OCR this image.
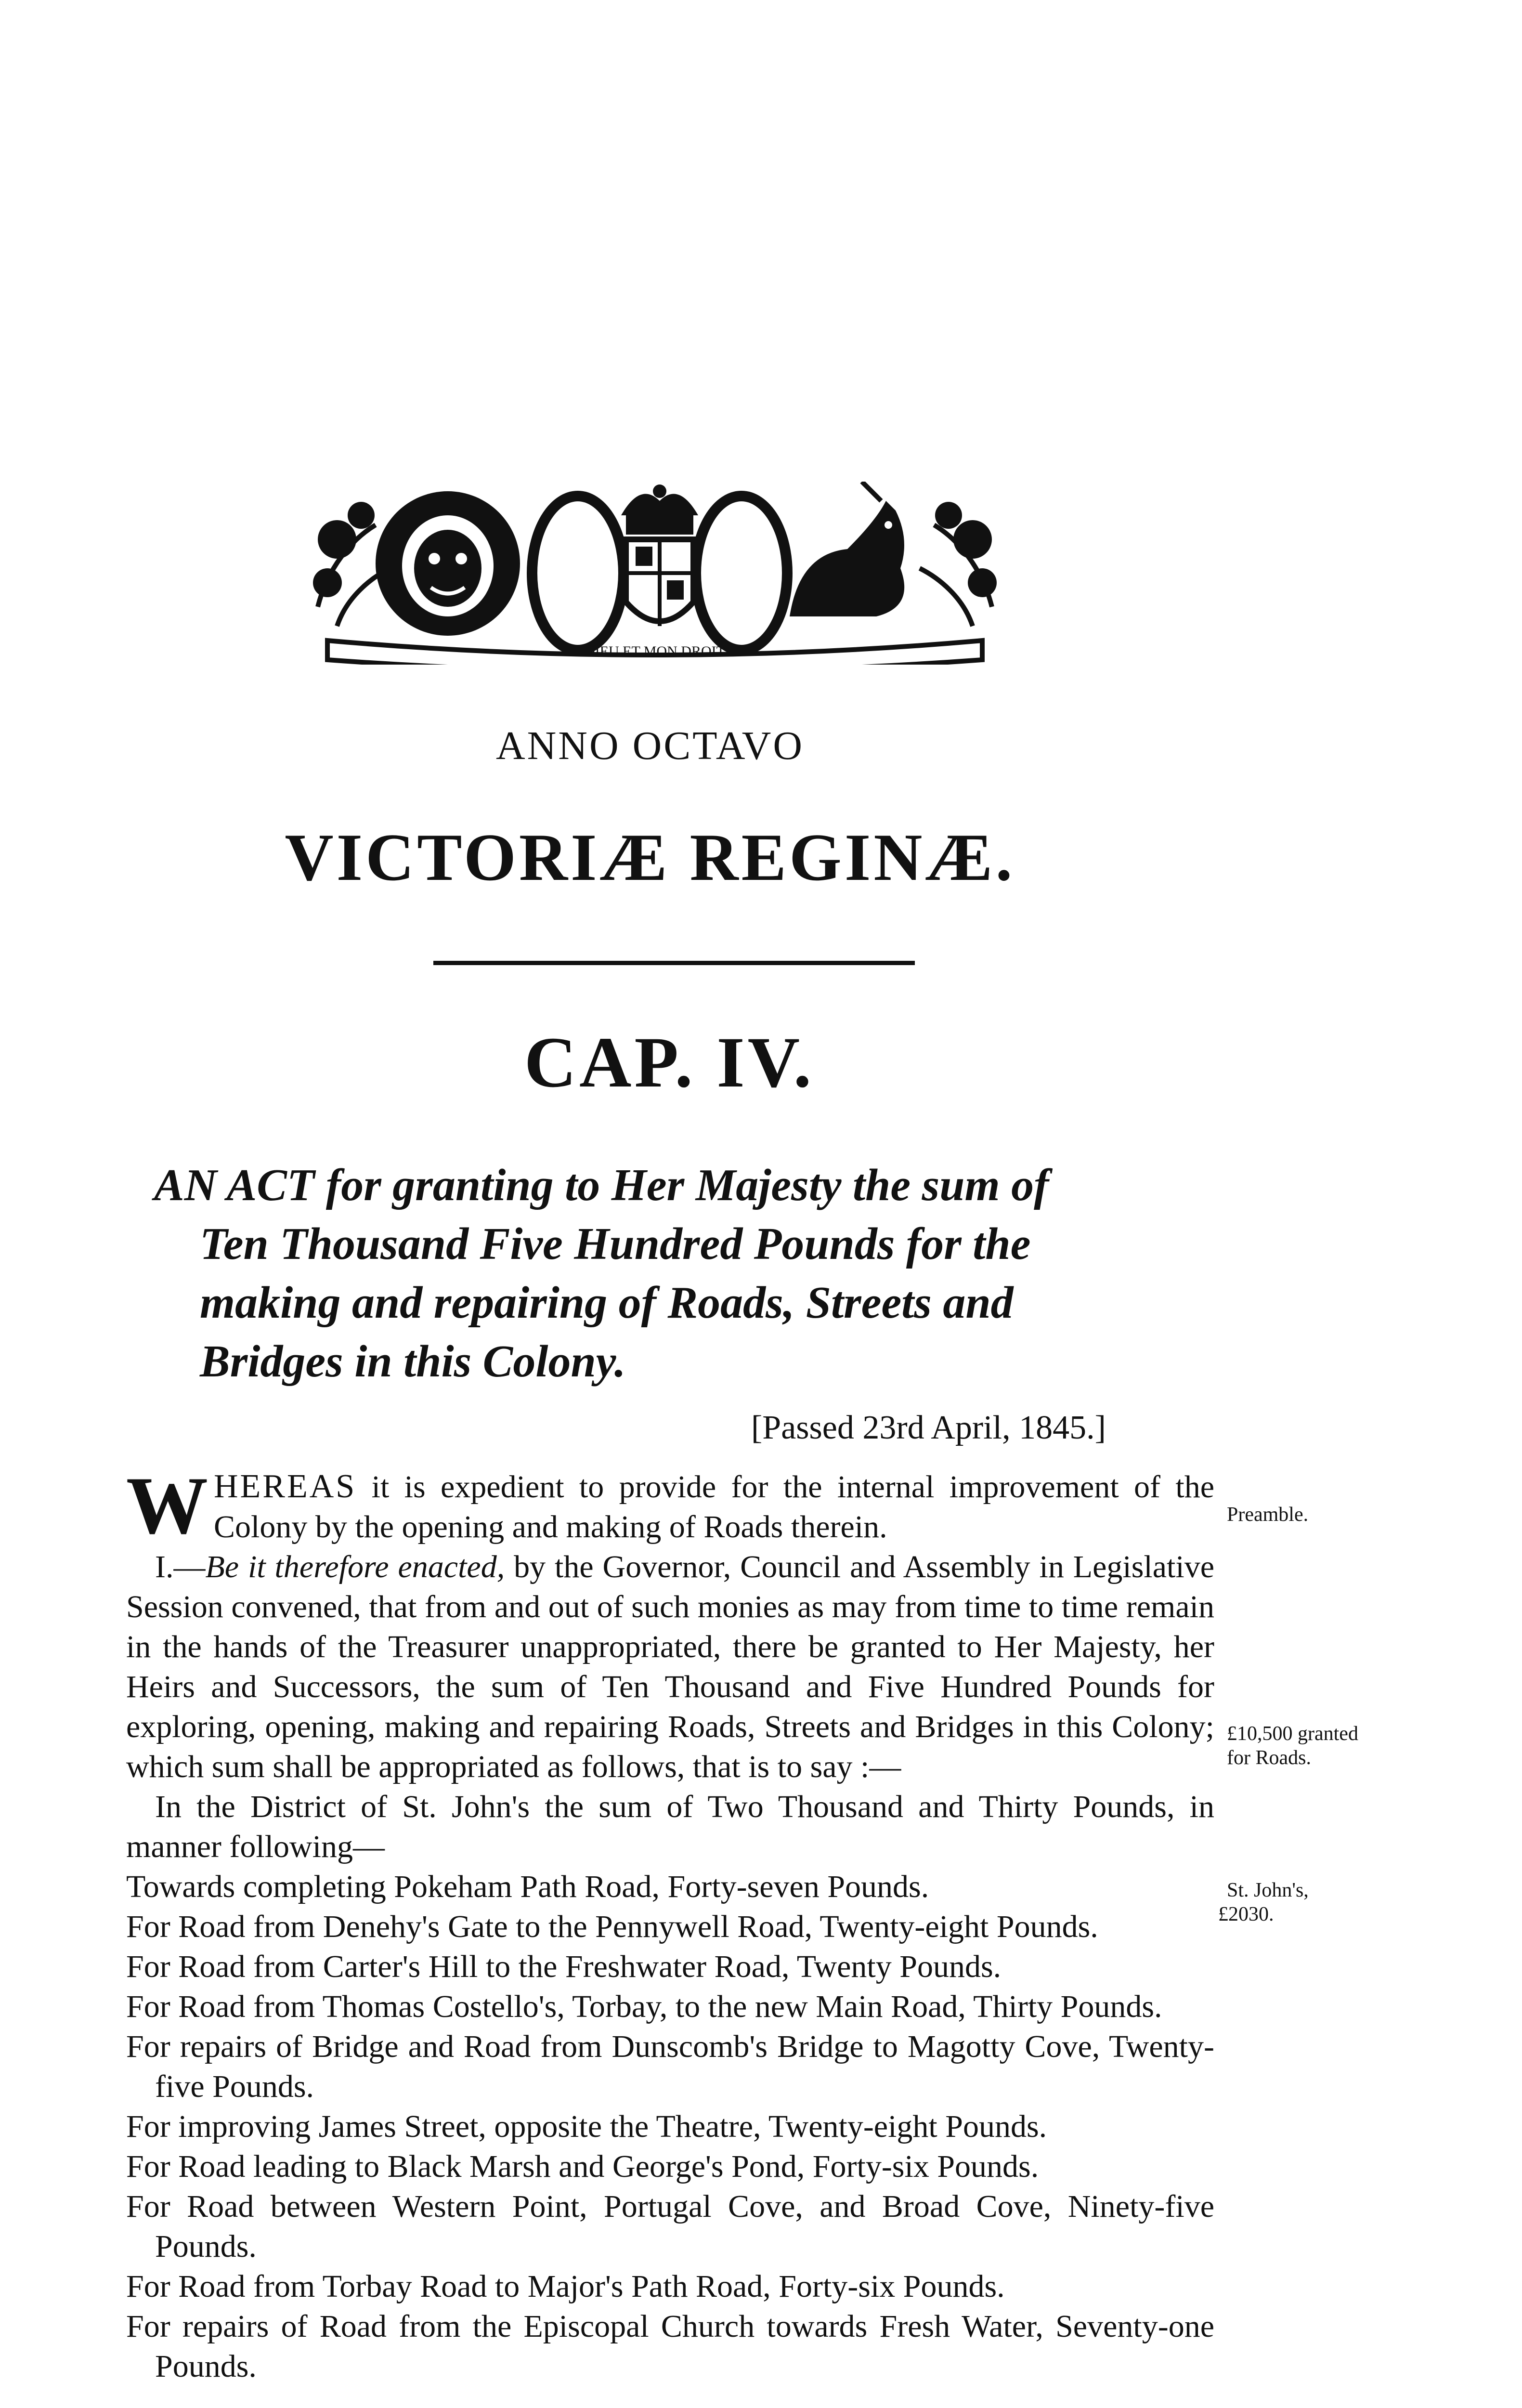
DIEU ET MON DROIT
ANNO OCTAVO
VICTORIÆ REGINÆ.
CAP. IV.
AN ACT for granting to Her Majesty the sum of
Ten Thousand Five Hundred Pounds for the
making and repairing of Roads, Streets and
Bridges in this Colony.
[Passed 23rd April, 1845.]

WHEREAS it is expedient to provide for the internal improvement of the Colony by the opening and making of Roads therein.

I.—Be it therefore enacted, by the Governor, Council and Assembly in Legislative Session convened, that from and out of such monies as may from time to time remain in the hands of the Treasurer unappropriated, there be granted to Her Majesty, her Heirs and Successors, the sum of Ten Thousand and Five Hundred Pounds for exploring, opening, making and repairing Roads, Streets and Bridges in this Colony; which sum shall be appropriated as follows, that is to say :—

In the District of St. John's the sum of Two Thousand and Thirty Pounds, in manner following—

Towards completing Pokeham Path Road, Forty-seven Pounds.

For Road from Denehy's Gate to the Pennywell Road, Twenty-eight Pounds.

For Road from Carter's Hill to the Freshwater Road, Twenty Pounds.

For Road from Thomas Costello's, Torbay, to the new Main Road, Thirty Pounds.

For repairs of Bridge and Road from Dunscomb's Bridge to Magotty Cove, Twenty-five Pounds.

For improving James Street, opposite the Theatre, Twenty-eight Pounds.

For Road leading to Black Marsh and George's Pond, Forty-six Pounds.

For Road between Western Point, Portugal Cove, and Broad Cove, Ninety-five Pounds.

For Road from Torbay Road to Major's Path Road, Forty-six Pounds.

For repairs of Road from the Episcopal Church towards Fresh Water, Seventy-one Pounds.

Preamble.
£10,500 granted
for Roads.
St. John's,
£2030.
